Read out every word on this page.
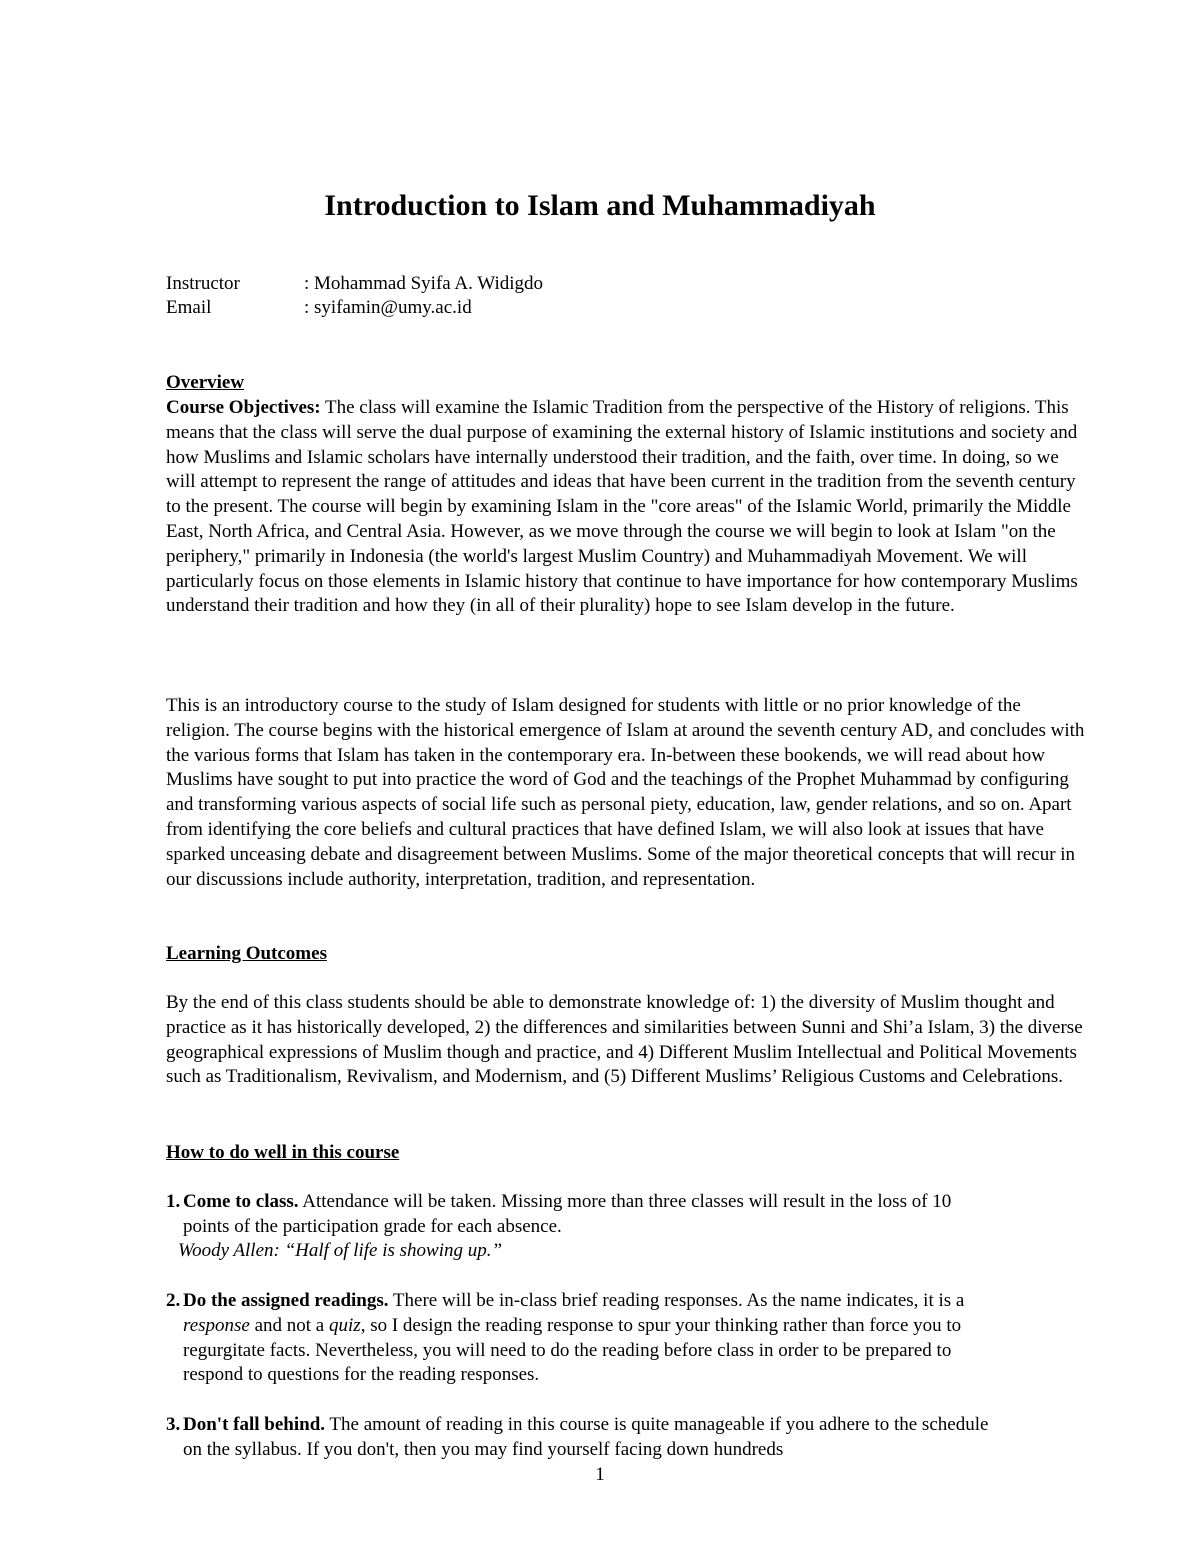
Introduction to Islam and Muhammadiyah
Instructor	: Mohammad Syifa A. Widigdo
Email	: syifamin@umy.ac.id
Overview

Course Objectives: The class will examine the Islamic Tradition from the perspective of the History of religions. This means that the class will serve the dual purpose of examining the external history of Islamic institutions and society and how Muslims and Islamic scholars have internally understood their tradition, and the faith, over time. In doing, so we will attempt to represent the range of attitudes and ideas that have been current in the tradition from the seventh century to the present. The course will begin by examining Islam in the "core areas" of the Islamic World, primarily the Middle East, North Africa, and Central Asia. However, as we move through the course we will begin to look at Islam "on the periphery," primarily in Indonesia (the world's largest Muslim Country) and Muhammadiyah Movement. We will particularly focus on those elements in Islamic history that continue to have importance for how contemporary Muslims understand their tradition and how they (in all of their plurality) hope to see Islam develop in the future.

This is an introductory course to the study of Islam designed for students with little or no prior knowledge of the religion. The course begins with the historical emergence of Islam at around the seventh century AD, and concludes with the various forms that Islam has taken in the contemporary era. In-between these bookends, we will read about how Muslims have sought to put into practice the word of God and the teachings of the Prophet Muhammad by configuring and transforming various aspects of social life such as personal piety, education, law, gender relations, and so on. Apart from identifying the core beliefs and cultural practices that have defined Islam, we will also look at issues that have sparked unceasing debate and disagreement between Muslims. Some of the major theoretical concepts that will recur in our discussions include authority, interpretation, tradition, and representation.

Learning Outcomes

By the end of this class students should be able to demonstrate knowledge of: 1) the diversity of Muslim thought and practice as it has historically developed, 2) the differences and similarities between Sunni and Shi’a Islam, 3) the diverse geographical expressions of Muslim though and practice, and 4) Different Muslim Intellectual and Political Movements such as Traditionalism, Revivalism, and Modernism, and (5) Different Muslims’ Religious Customs and Celebrations.

How to do well in this course
1. Come to class. Attendance will be taken. Missing more than three classes will result in the loss of 10 points of the participation grade for each absence.
Woody Allen: “Half of life is showing up.”
2. Do the assigned readings. There will be in-class brief reading responses. As the name indicates, it is a response and not a quiz, so I design the reading response to spur your thinking rather than force you to regurgitate facts. Nevertheless, you will need to do the reading before class in order to be prepared to respond to questions for the reading responses.
3. Don't fall behind. The amount of reading in this course is quite manageable if you adhere to the schedule on the syllabus. If you don't, then you may find yourself facing down hundreds
1
